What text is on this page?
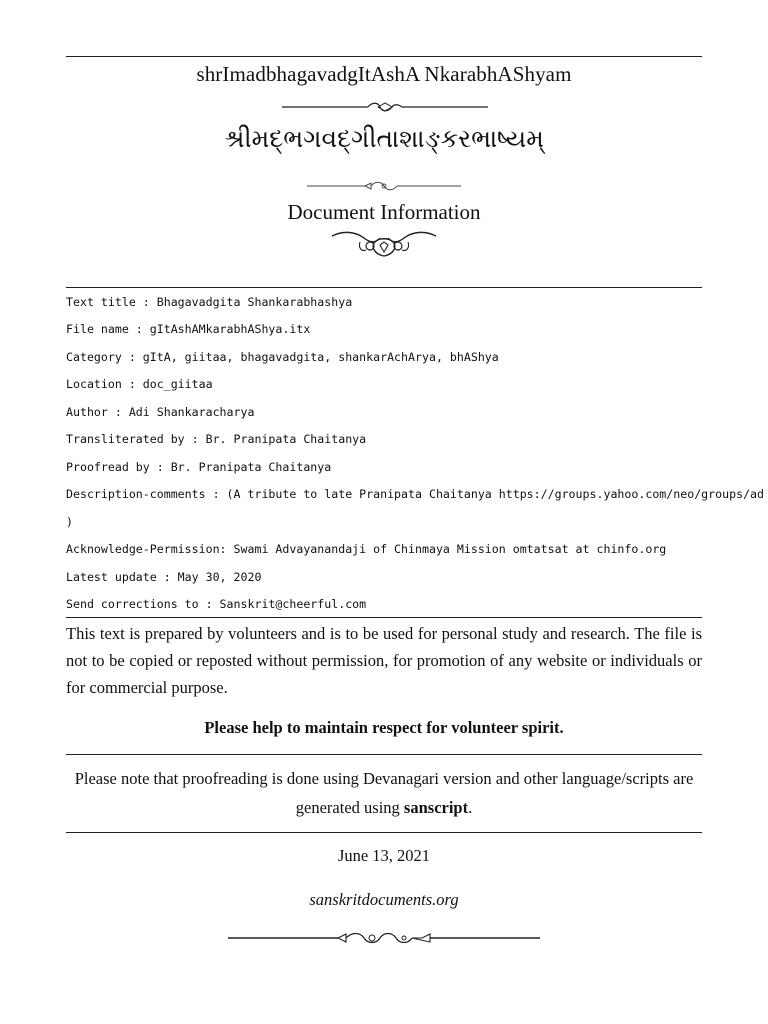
shrImadbhagavadgItAshA NkarabhAShyam
શ્રીમદ્ભગવદ્ગીતાશાઙ્કરભાષ્યમ્
Document Information
Text title : Bhagavadgita Shankarabhashya
File name : gItAshAMkarabhAShya.itx
Category : gItA, giitaa, bhagavadgita, shankarAchArya, bhAShya
Location : doc_giitaa
Author : Adi Shankaracharya
Transliterated by : Br. Pranipata Chaitanya
Proofread by : Br. Pranipata Chaitanya
Description-comments : (A tribute to late Pranipata Chaitanya https://groups.yahoo.com/neo/groups/ad
)
Acknowledge-Permission: Swami Advayanandaji of Chinmaya Mission omtatsat at chinfo.org
Latest update : May 30, 2020
Send corrections to : Sanskrit@cheerful.com
This text is prepared by volunteers and is to be used for personal study and research. The file is not to be copied or reposted without permission, for promotion of any website or individuals or for commercial purpose.
Please help to maintain respect for volunteer spirit.
Please note that proofreading is done using Devanagari version and other language/scripts are generated using sanscript.
June 13, 2021
sanskritdocuments.org
